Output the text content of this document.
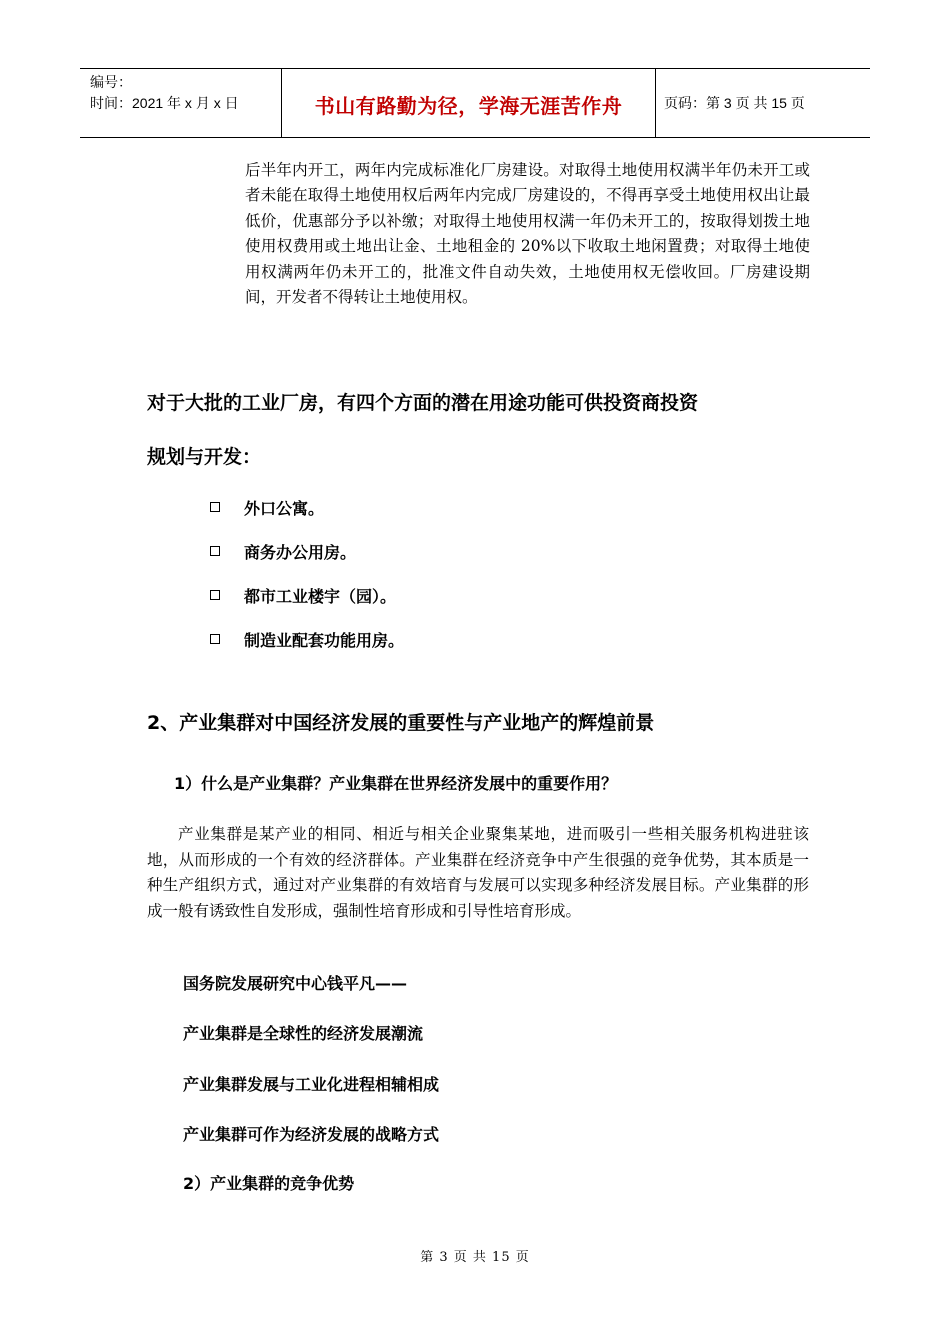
编号：
时间：2021 年 x 月 x 日	书山有路勤为径，学海无涯苦作舟	页码：第 3 页 共 15 页

后半年内开工，两年内完成标准化厂房建设。对取得土地使用权满半年仍未开工或者未能在取得土地使用权后两年内完成厂房建设的，不得再享受土地使用权出让最低价，优惠部分予以补缴；对取得土地使用权满一年仍未开工的，按取得划拨土地使用权费用或土地出让金、土地租金的 20%以下收取土地闲置费；对取得土地使用权满两年仍未开工的，批准文件自动失效，土地使用权无偿收回。厂房建设期间，开发者不得转让土地使用权。

对于大批的工业厂房，有四个方面的潜在用途功能可供投资商投资
规划与开发：
外口公寓。
商务办公用房。
都市工业楼宇（园）。
制造业配套功能用房。
2、产业集群对中国经济发展的重要性与产业地产的辉煌前景
1）什么是产业集群？产业集群在世界经济发展中的重要作用？

产业集群是某产业的相同、相近与相关企业聚集某地，进而吸引一些相关服务机构进驻该地，从而形成的一个有效的经济群体。产业集群在经济竞争中产生很强的竞争优势，其本质是一种生产组织方式，通过对产业集群的有效培育与发展可以实现多种经济发展目标。产业集群的形成一般有诱致性自发形成，强制性培育形成和引导性培育形成。

国务院发展研究中心钱平凡——
产业集群是全球性的经济发展潮流
产业集群发展与工业化进程相辅相成
产业集群可作为经济发展的战略方式
2）产业集群的竞争优势
第 3 页 共 15 页
